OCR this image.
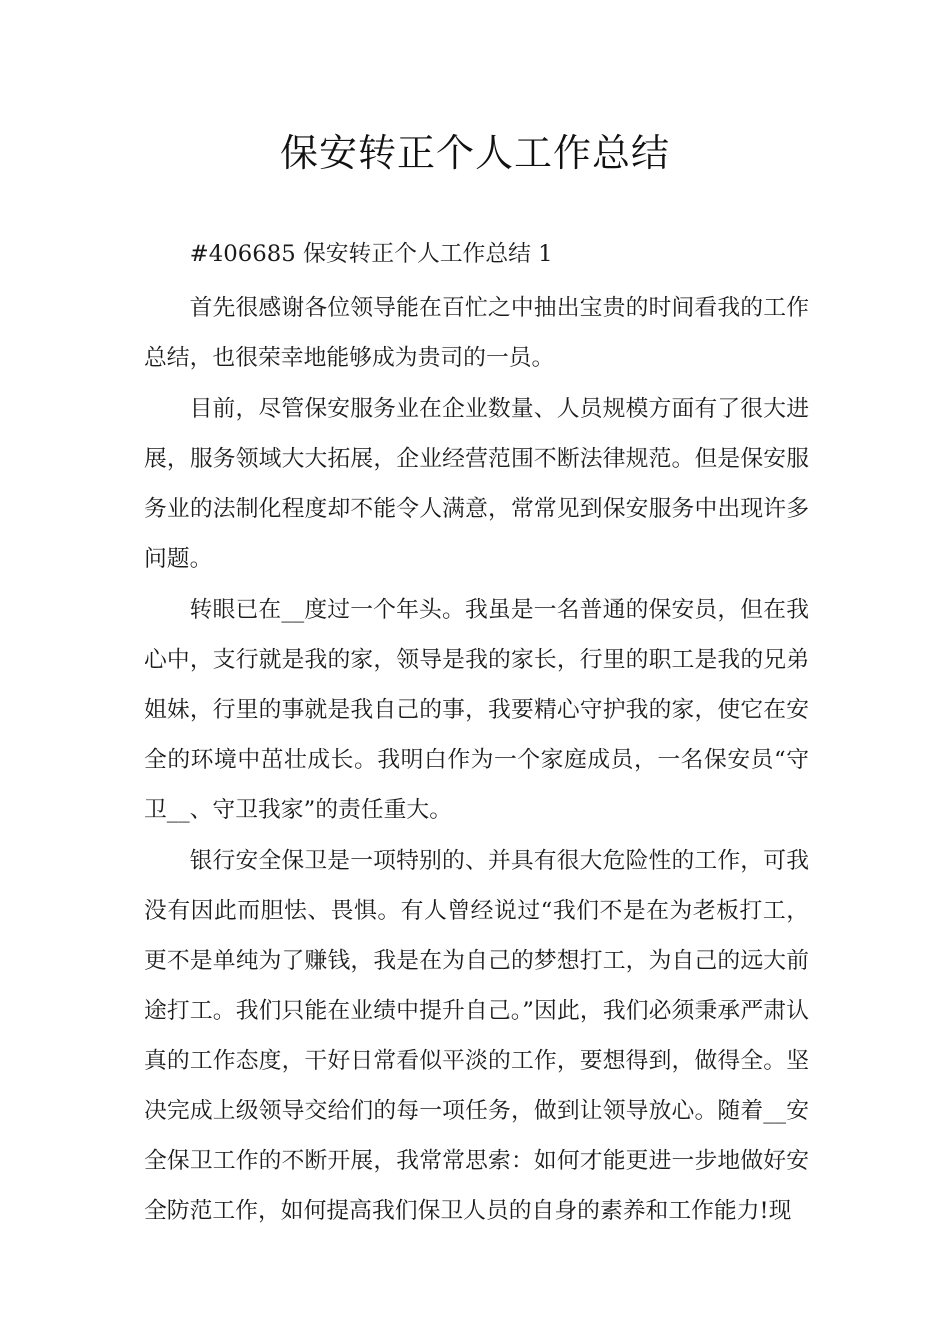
保安转正个人工作总结

#406685 保安转正个人工作总结 1

首先很感谢各位领导能在百忙之中抽出宝贵的时间看我的工作总结，也很荣幸地能够成为贵司的一员。

目前，尽管保安服务业在企业数量、人员规模方面有了很大进展，服务领域大大拓展，企业经营范围不断法律规范。但是保安服务业的法制化程度却不能令人满意，常常见到保安服务中出现许多问题。

转眼已在__度过一个年头。我虽是一名普通的保安员，但在我心中，支行就是我的家，领导是我的家长，行里的职工是我的兄弟姐妹，行里的事就是我自己的事，我要精心守护我的家，使它在安全的环境中茁壮成长。我明白作为一个家庭成员，一名保安员“守卫__、守卫我家”的责任重大。

银行安全保卫是一项特别的、并具有很大危险性的工作，可我没有因此而胆怯、畏惧。有人曾经说过“我们不是在为老板打工，更不是单纯为了赚钱，我是在为自己的梦想打工，为自己的远大前途打工。我们只能在业绩中提升自己。”因此，我们必须秉承严肃认真的工作态度，干好日常看似平淡的工作，要想得到，做得全。坚决完成上级领导交给们的每一项任务，做到让领导放心。随着__安全保卫工作的不断开展，我常常思索：如何才能更进一步地做好安全防范工作，如何提高我们保卫人员的自身的素养和工作能力!现
